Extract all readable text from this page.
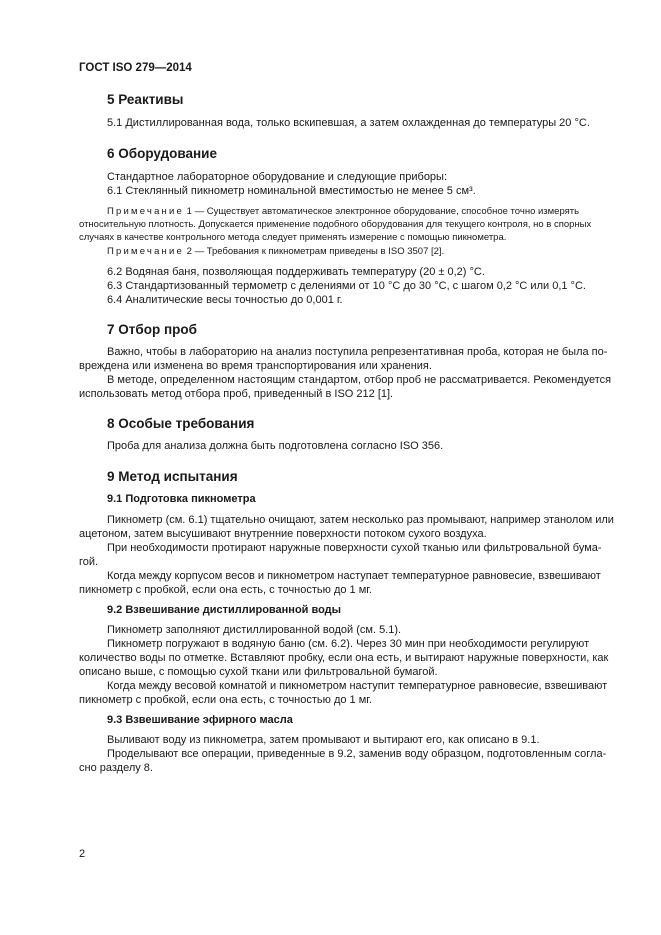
ГОСТ ISO 279—2014
5 Реактивы
5.1 Дистиллированная вода, только вскипевшая, а затем охлажденная до температуры 20 °С.
6 Оборудование
Стандартное лабораторное оборудование и следующие приборы:
6.1 Стеклянный пикнометр номинальной вместимостью не менее 5 см³.
Примечание 1 — Существует автоматическое электронное оборудование, способное точно измерять
относительную плотность. Допускается применение подобного оборудования для текущего контроля, но в спорных
случаях в качестве контрольного метода следует применять измерение с помощью пикнометра.
Примечание 2 — Требования к пикнометрам приведены в ISO 3507 [2].
6.2 Водяная баня, позволяющая поддерживать температуру (20 ± 0,2) °С.
6.3 Стандартизованный термометр с делениями от 10 °С до 30 °С, с шагом 0,2 °С или 0,1 °С.
6.4 Аналитические весы точностью до 0,001 г.
7 Отбор проб
Важно, чтобы в лабораторию на анализ поступила репрезентативная проба, которая не была по-
вреждена или изменена во время транспортирования или хранения.
В методе, определенном настоящим стандартом, отбор проб не рассматривается. Рекомендуется
использовать метод отбора проб, приведенный в ISO 212 [1].
8 Особые требования
Проба для анализа должна быть подготовлена согласно ISO 356.
9 Метод испытания
9.1 Подготовка пикнометра
Пикнометр (см. 6.1) тщательно очищают, затем несколько раз промывают, например этанолом или
ацетоном, затем высушивают внутренние поверхности потоком сухого воздуха.
При необходимости протирают наружные поверхности сухой тканью или фильтровальной бума-
гой.
Когда между корпусом весов и пикнометром наступает температурное равновесие, взвешивают
пикнометр с пробкой, если она есть, с точностью до 1 мг.
9.2 Взвешивание дистиллированной воды
Пикнометр заполняют дистиллированной водой (см. 5.1).
Пикнометр погружают в водяную баню (см. 6.2). Через 30 мин при необходимости регулируют
количество воды по отметке. Вставляют пробку, если она есть, и вытирают наружные поверхности, как
описано выше, с помощью сухой ткани или фильтровальной бумагой.
Когда между весовой комнатой и пикнометром наступит температурное равновесие, взвешивают
пикнометр с пробкой, если она есть, с точностью до 1 мг.
9.3 Взвешивание эфирного масла
Выливают воду из пикнометра, затем промывают и вытирают его, как описано в 9.1.
Проделывают все операции, приведенные в 9.2, заменив воду образцом, подготовленным согла-
сно разделу 8.
2
